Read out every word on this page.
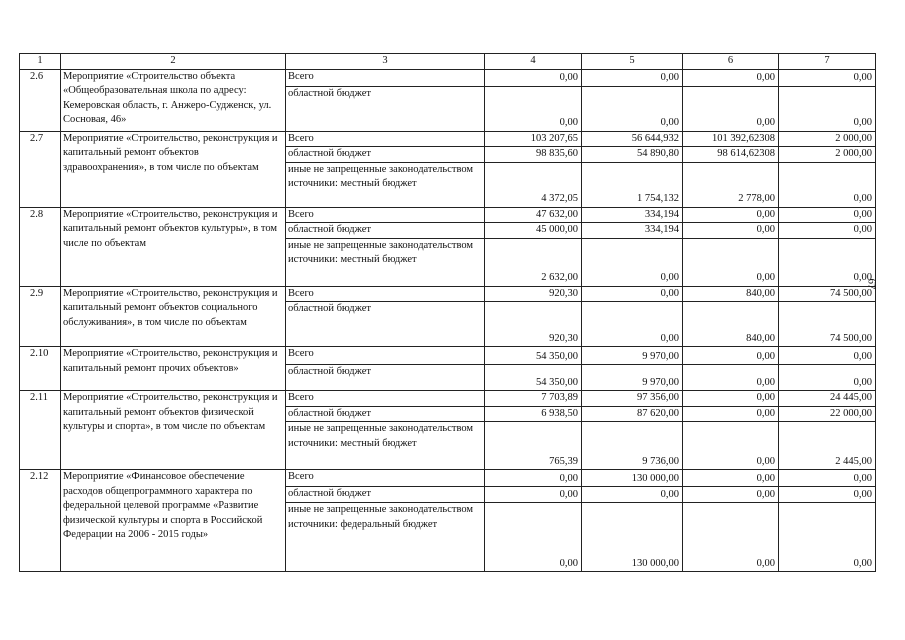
1	2	3	4	5	6	7
2.6	Мероприятие «Строительство объекта «Общеобразовательная школа по адресу: Кемеровская область, г. Анжеро-Судженск, ул. Сосновая, 46»	Всего	0,00	0,00	0,00	0,00
		областной бюджет	0,00	0,00	0,00	0,00
2.7	Мероприятие «Строительство, реконструкция и капитальный ремонт объектов здравоохранения», в том числе по объектам	Всего	103 207,65	56 644,932	101 392,62308	2 000,00
		областной бюджет	98 835,60	54 890,80	98 614,62308	2 000,00
		иные не запрещенные законодательством источники: местный бюджет	4 372,05	1 754,132	2 778,00	0,00
2.8	Мероприятие «Строительство, реконструкция и капитальный ремонт объектов культуры», в том числе по объектам	Всего	47 632,00	334,194	0,00	0,00
		областной бюджет	45 000,00	334,194	0,00	0,00
		иные не запрещенные законодательством источники: местный бюджет	2 632,00	0,00	0,00	0,00
2.9	Мероприятие «Строительство, реконструкция и капитальный ремонт объектов социального обслуживания», в том числе по объектам	Всего	920,30	0,00	840,00	74 500,00
		областной бюджет	920,30	0,00	840,00	74 500,00
2.10	Мероприятие «Строительство, реконструкция и капитальный ремонт прочих объектов»	Всего	54 350,00	9 970,00	0,00	0,00
		областной бюджет	54 350,00	9 970,00	0,00	0,00
2.11	Мероприятие «Строительство, реконструкция и капитальный ремонт объектов физической культуры и спорта», в том числе по объектам	Всего	7 703,89	97 356,00	0,00	24 445,00
		областной бюджет	6 938,50	87 620,00	0,00	22 000,00
		иные не запрещенные законодательством источники: местный бюджет	765,39	9 736,00	0,00	2 445,00
2.12	Мероприятие «Финансовое обеспечение расходов общепрограммного характера по федеральной целевой программе «Развитие физической культуры и спорта в Российской Федерации на 2006 - 2015 годы»	Всего	0,00	130 000,00	0,00	0,00
		областной бюджет	0,00	0,00	0,00	0,00
		иные не запрещенные законодательством источники: федеральный бюджет	0,00	130 000,00	0,00	0,00
67
